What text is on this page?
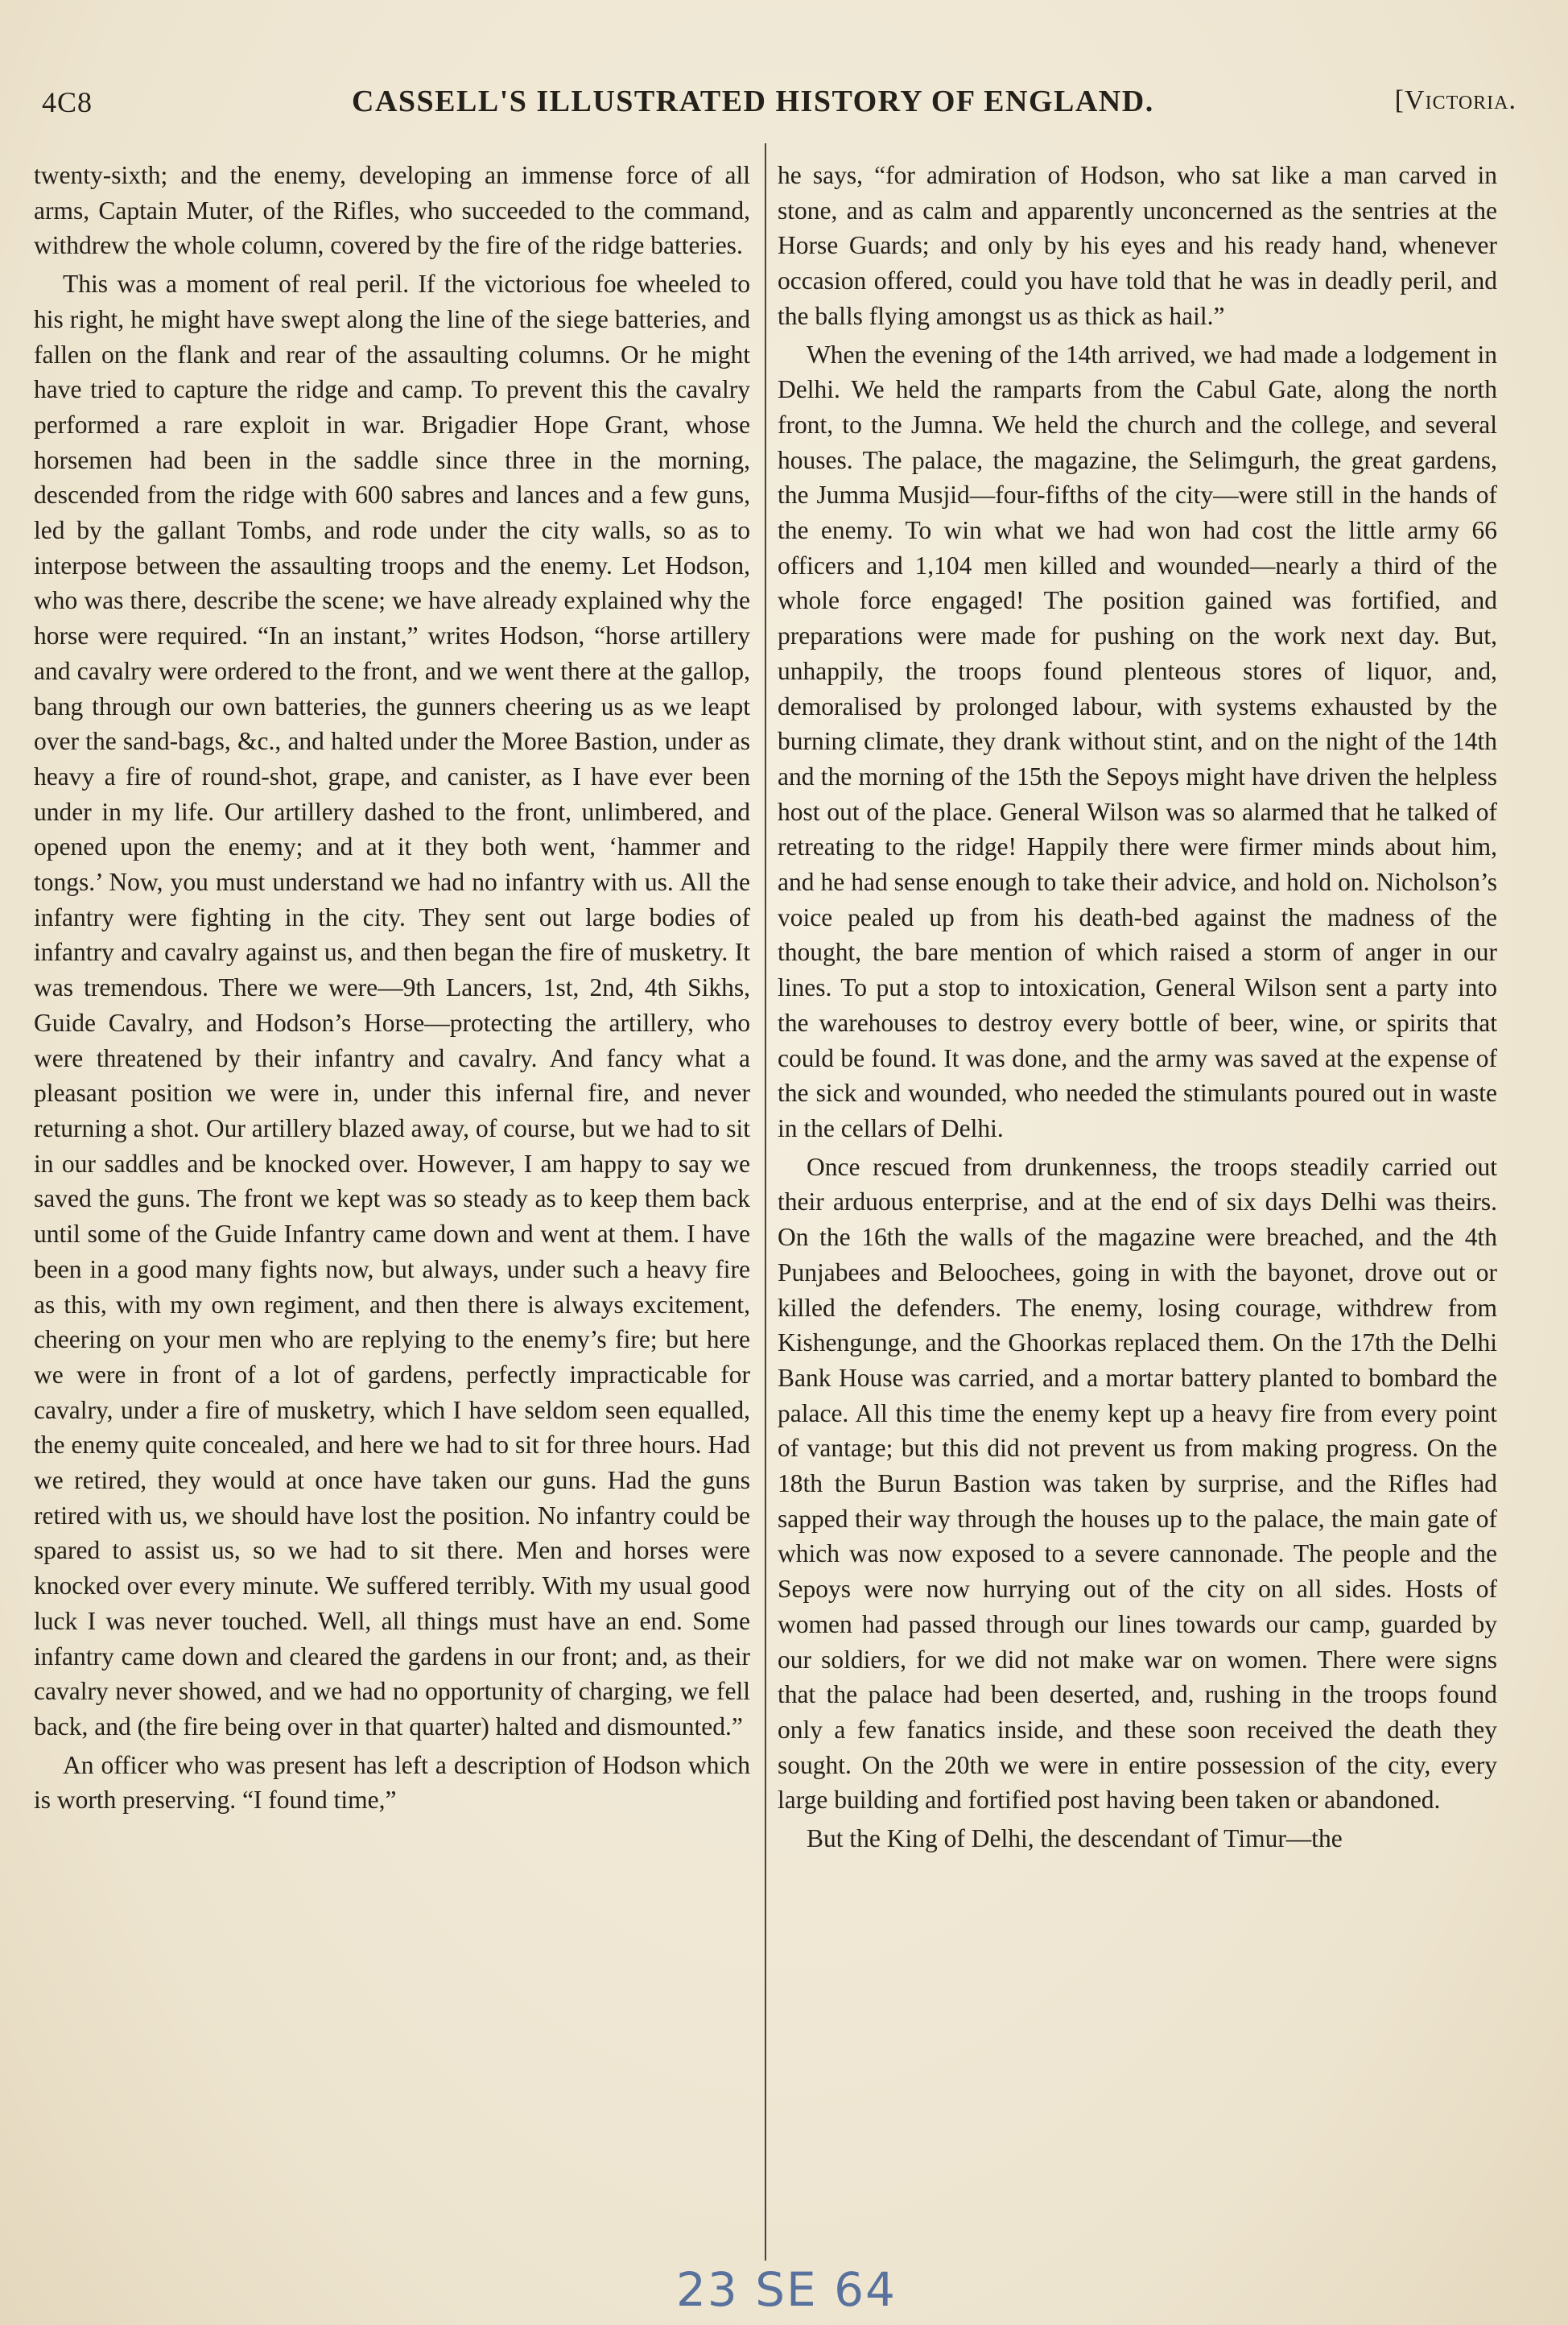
4C8	CASSELL'S ILLUSTRATED HISTORY OF ENGLAND.	[Victoria.

twenty-sixth; and the enemy, developing an immense force of all arms, Captain Muter, of the Rifles, who succeeded to the command, withdrew the whole column, covered by the fire of the ridge batteries.

This was a moment of real peril. If the victorious foe wheeled to his right, he might have swept along the line of the siege batteries, and fallen on the flank and rear of the assaulting columns. Or he might have tried to capture the ridge and camp. To prevent this the cavalry performed a rare exploit in war. Brigadier Hope Grant, whose horsemen had been in the saddle since three in the morning, descended from the ridge with 600 sabres and lances and a few guns, led by the gallant Tombs, and rode under the city walls, so as to interpose between the assaulting troops and the enemy. Let Hodson, who was there, describe the scene; we have already explained why the horse were required. “In an instant,” writes Hodson, “horse artillery and cavalry were ordered to the front, and we went there at the gallop, bang through our own batteries, the gunners cheering us as we leapt over the sand-bags, &c., and halted under the Moree Bastion, under as heavy a fire of round-shot, grape, and canister, as I have ever been under in my life. Our artillery dashed to the front, unlimbered, and opened upon the enemy; and at it they both went, ‘hammer and tongs.’ Now, you must understand we had no infantry with us. All the infantry were fighting in the city. They sent out large bodies of infantry and cavalry against us, and then began the fire of musketry. It was tremendous. There we were—9th Lancers, 1st, 2nd, 4th Sikhs, Guide Cavalry, and Hodson’s Horse—protecting the artillery, who were threatened by their infantry and cavalry. And fancy what a pleasant position we were in, under this infernal fire, and never returning a shot. Our artillery blazed away, of course, but we had to sit in our saddles and be knocked over. However, I am happy to say we saved the guns. The front we kept was so steady as to keep them back until some of the Guide Infantry came down and went at them. I have been in a good many fights now, but always, under such a heavy fire as this, with my own regiment, and then there is always excitement, cheering on your men who are replying to the enemy’s fire; but here we were in front of a lot of gardens, perfectly impracticable for cavalry, under a fire of musketry, which I have seldom seen equalled, the enemy quite concealed, and here we had to sit for three hours. Had we retired, they would at once have taken our guns. Had the guns retired with us, we should have lost the position. No infantry could be spared to assist us, so we had to sit there. Men and horses were knocked over every minute. We suffered terribly. With my usual good luck I was never touched. Well, all things must have an end. Some infantry came down and cleared the gardens in our front; and, as their cavalry never showed, and we had no opportunity of charging, we fell back, and (the fire being over in that quarter) halted and dismounted.”

An officer who was present has left a description of Hodson which is worth preserving. “I found time,”

he says, “for admiration of Hodson, who sat like a man carved in stone, and as calm and apparently unconcerned as the sentries at the Horse Guards; and only by his eyes and his ready hand, whenever occasion offered, could you have told that he was in deadly peril, and the balls flying amongst us as thick as hail.”

When the evening of the 14th arrived, we had made a lodgement in Delhi. We held the ramparts from the Cabul Gate, along the north front, to the Jumna. We held the church and the college, and several houses. The palace, the magazine, the Selimgurh, the great gardens, the Jumma Musjid—four-fifths of the city—were still in the hands of the enemy. To win what we had won had cost the little army 66 officers and 1,104 men killed and wounded—nearly a third of the whole force engaged! The position gained was fortified, and preparations were made for pushing on the work next day. But, unhappily, the troops found plenteous stores of liquor, and, demoralised by prolonged labour, with systems exhausted by the burning climate, they drank without stint, and on the night of the 14th and the morning of the 15th the Sepoys might have driven the helpless host out of the place. General Wilson was so alarmed that he talked of retreating to the ridge! Happily there were firmer minds about him, and he had sense enough to take their advice, and hold on. Nicholson’s voice pealed up from his death-bed against the madness of the thought, the bare mention of which raised a storm of anger in our lines. To put a stop to intoxication, General Wilson sent a party into the warehouses to destroy every bottle of beer, wine, or spirits that could be found. It was done, and the army was saved at the expense of the sick and wounded, who needed the stimulants poured out in waste in the cellars of Delhi.

Once rescued from drunkenness, the troops steadily carried out their arduous enterprise, and at the end of six days Delhi was theirs. On the 16th the walls of the magazine were breached, and the 4th Punjabees and Beloochees, going in with the bayonet, drove out or killed the defenders. The enemy, losing courage, withdrew from Kishengunge, and the Ghoorkas replaced them. On the 17th the Delhi Bank House was carried, and a mortar battery planted to bombard the palace. All this time the enemy kept up a heavy fire from every point of vantage; but this did not prevent us from making progress. On the 18th the Burun Bastion was taken by surprise, and the Rifles had sapped their way through the houses up to the palace, the main gate of which was now exposed to a severe cannonade. The people and the Sepoys were now hurrying out of the city on all sides. Hosts of women had passed through our lines towards our camp, guarded by our soldiers, for we did not make war on women. There were signs that the palace had been deserted, and, rushing in the troops found only a few fanatics inside, and these soon received the death they sought. On the 20th we were in entire possession of the city, every large building and fortified post having been taken or abandoned.

But the King of Delhi, the descendant of Timur—the

23 SE 64
